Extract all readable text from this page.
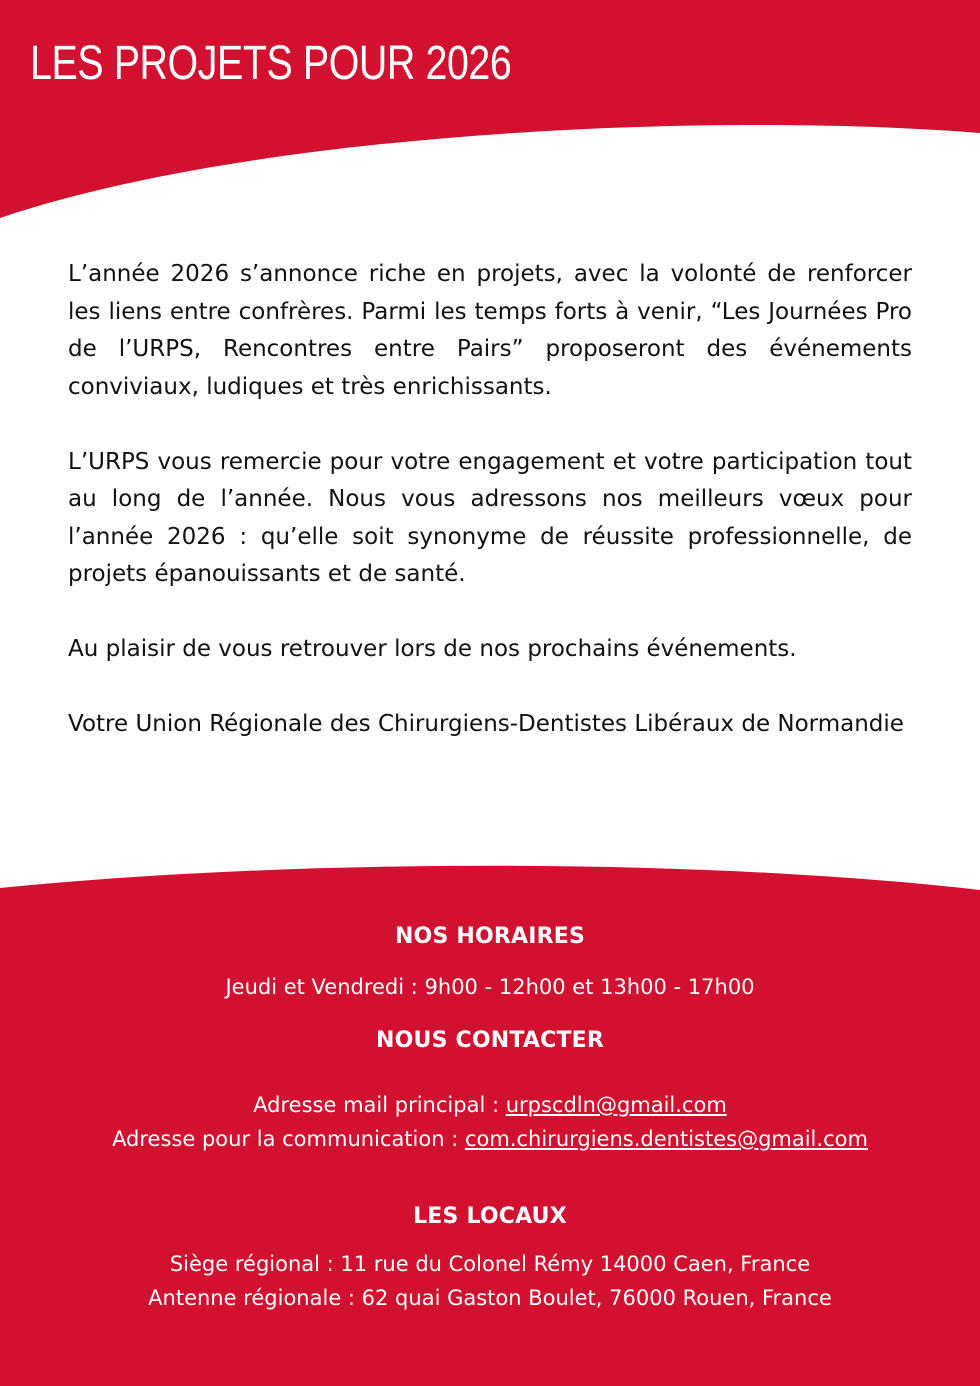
LES PROJETS POUR 2026

L’année 2026 s’annonce riche en projets, avec la volonté de renforcer les liens entre confrères. Parmi les temps forts à venir, “Les Journées Pro de l’URPS, Rencontres entre Pairs” proposeront des événements conviviaux, ludiques et très enrichissants.

L’URPS vous remercie pour votre engagement et votre participation tout au long de l’année. Nous vous adressons nos meilleurs vœux pour l’année 2026 : qu’elle soit synonyme de réussite professionnelle, de projets épanouissants et de santé.

Au plaisir de vous retrouver lors de nos prochains événements.

Votre Union Régionale des Chirurgiens-Dentistes Libéraux de Normandie

NOS HORAIRES

Jeudi et Vendredi : 9h00 - 12h00 et 13h00 - 17h00

NOUS CONTACTER

Adresse mail principal : urpscdln@gmail.com

Adresse pour la communication : com.chirurgiens.dentistes@gmail.com

LES LOCAUX

Siège régional : 11 rue du Colonel Rémy 14000 Caen, France

Antenne régionale : 62 quai Gaston Boulet, 76000 Rouen, France
